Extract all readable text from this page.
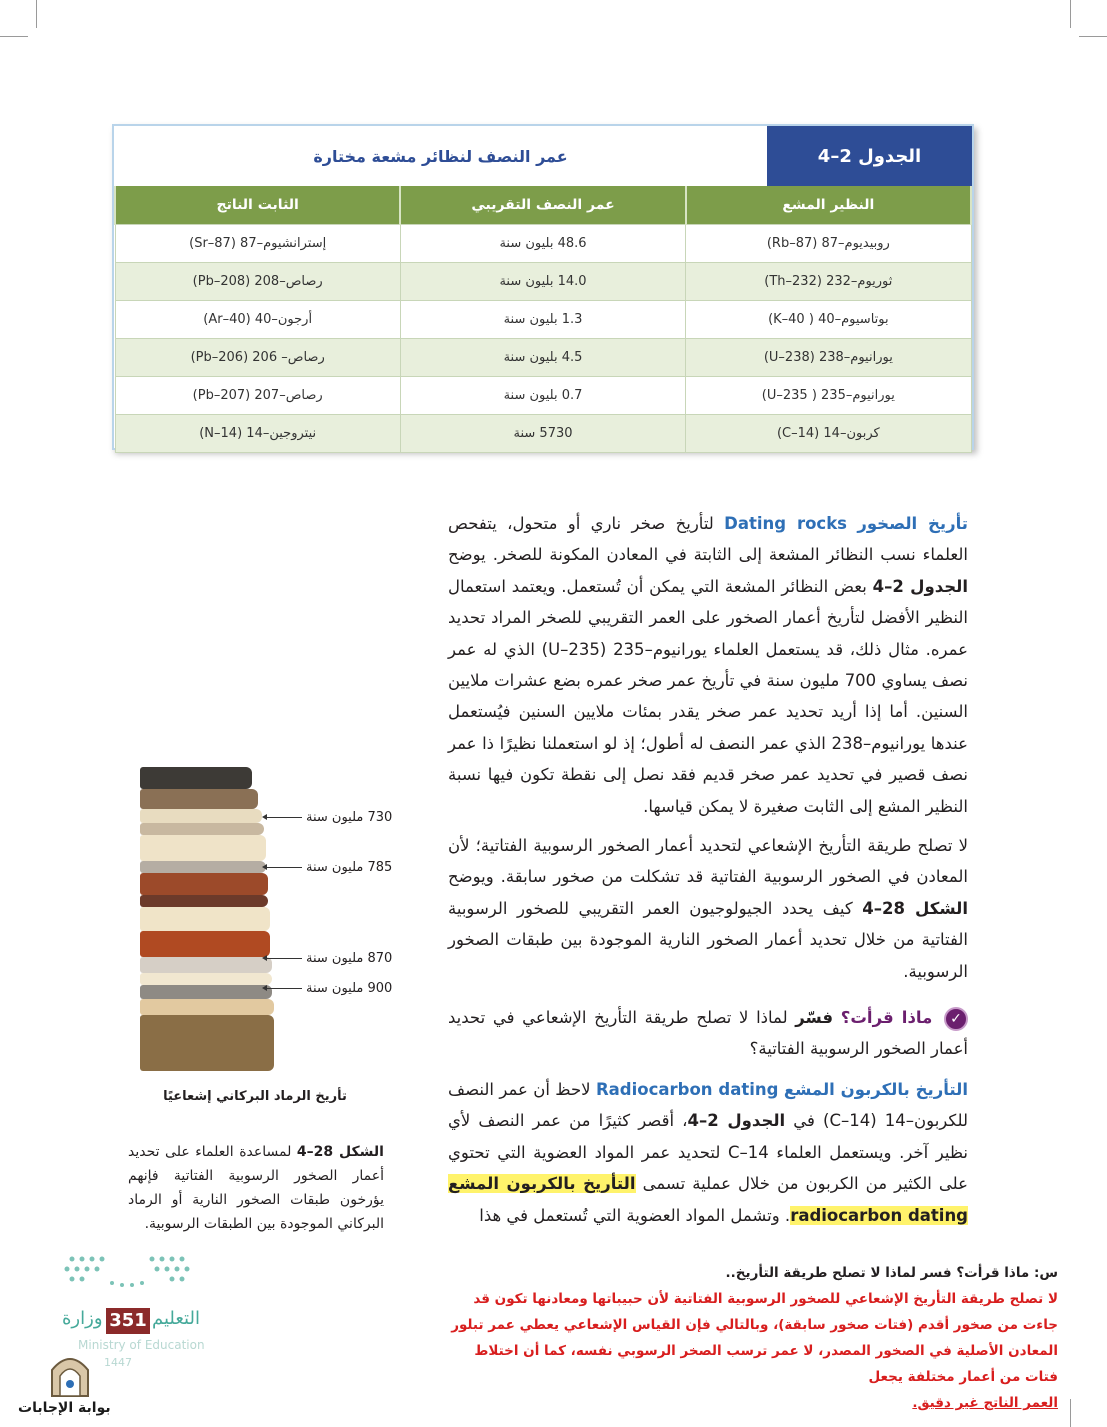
عمر النصف لنظائر مشعة مختارة	الجدول 2–4
النظير المشع	عمر النصف التقريبي	الثابت الناتج
روبيديوم–87 (Rb–87)	48.6 بليون سنة	إسترانشيوم–87 (Sr–87)
ثوريوم–232 (Th–232)	14.0 بليون سنة	رصاص–208 (Pb–208)
بوتاسيوم–40 ( K–40)	1.3 بليون سنة	أرجون–40 (Ar–40)
يورانيوم–238 (U–238)	4.5 بليون سنة	رصاص– 206 (Pb–206)
يورانيوم–235 ( U–235)	0.7 بليون سنة	رصاص–207 (Pb–207)
كربون–14 (C–14)	5730 سنة	نيتروجين–14 (N–14)
تأريخ الصخور Dating rocks لتأريخ صخر ناري أو متحول، يتفحص العلماء نسب النظائر المشعة إلى الثابتة في المعادن المكونة للصخر. يوضح الجدول 2–4 بعض النظائر المشعة التي يمكن أن تُستعمل. ويعتمد استعمال النظير الأفضل لتأريخ أعمار الصخور على العمر التقريبي للصخر المراد تحديد عمره. مثال ذلك، قد يستعمل العلماء يورانيوم–235 (U–235) الذي له عمر نصف يساوي 700 مليون سنة في تأريخ عمر صخر عمره بضع عشرات ملايين السنين. أما إذا أريد تحديد عمر صخر يقدر بمئات ملايين السنين فيُستعمل عندها يورانيوم–238 الذي عمر النصف له أطول؛ إذ لو استعملنا نظيرًا ذا عمر نصف قصير في تحديد عمر صخر قديم فقد نصل إلى نقطة تكون فيها نسبة النظير المشع إلى الثابت صغيرة لا يمكن قياسها.
لا تصلح طريقة التأريخ الإشعاعي لتحديد أعمار الصخور الرسوبية الفتاتية؛ لأن المعادن في الصخور الرسوبية الفتاتية قد تشكلت من صخور سابقة. ويوضح الشكل 28–4 كيف يحدد الجيولوجيون العمر التقريبي للصخور الرسوبية الفتاتية من خلال تحديد أعمار الصخور النارية الموجودة بين طبقات الصخور الرسوبية.
✓ ماذا قرأت؟ فسّر لماذا لا تصلح طريقة التأريخ الإشعاعي في تحديد أعمار الصخور الرسوبية الفتاتية؟
التأريخ بالكربون المشع Radiocarbon dating لاحظ أن عمر النصف للكربون–14 (C–14) في الجدول 2–4، أقصر كثيرًا من عمر النصف لأي نظير آخر. ويستعمل العلماء C–14 لتحديد عمر المواد العضوية التي تحتوي على الكثير من الكربون من خلال عملية تسمى التأريخ بالكربون المشع radiocarbon dating. وتشمل المواد العضوية التي تُستعمل في هذا
730 مليون سنة
785 مليون سنة
870 مليون سنة
900 مليون سنة
تأريخ الرماد البركاني إشعاعيًا
الشكل 28–4 لمساعدة العلماء على تحديد أعمار الصخور الرسوبية الفتاتية فإنهم يؤرخون طبقات الصخور النارية أو الرماد البركاني الموجودة بين الطبقات الرسوبية.
س: ماذا قرأت؟ فسر لماذا لا تصلح طريقة التأريخ..
لا تصلح طريقة التأريخ الإشعاعي للصخور الرسوبية الفتاتية لأن حبيباتها ومعادنها تكون قد جاءت من صخور أقدم (فتات صخور سابقة)، وبالتالي فإن القياس الإشعاعي يعطي عمر تبلور المعادن الأصلية في الصخور المصدر، لا عمر ترسب الصخر الرسوبي نفسه، كما أن اختلاط فتات من أعمار مختلفة يجعل
العمر الناتج غير دقيق.
وزارة 351 التعليم
Ministry of Education
1447
بوابة الإجابات
